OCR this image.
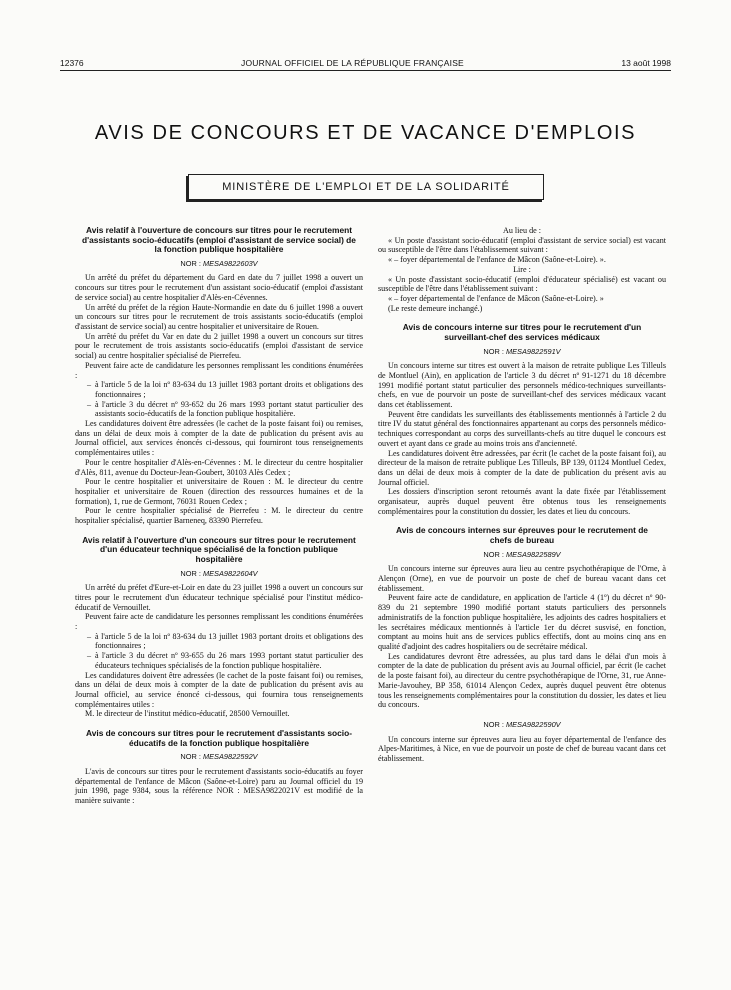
12376	JOURNAL OFFICIEL DE LA RÉPUBLIQUE FRANÇAISE	13 août 1998
AVIS DE CONCOURS ET DE VACANCE D'EMPLOIS
MINISTÈRE DE L'EMPLOI ET DE LA SOLIDARITÉ
Avis relatif à l'ouverture de concours sur titres pour le recrutement d'assistants socio-éducatifs (emploi d'assistant de service social) de la fonction publique hospitalière
NOR : MESA9822603V

Un arrêté du préfet du département du Gard en date du 7 juillet 1998 a ouvert un concours sur titres pour le recrutement d'un assistant socio-éducatif (emploi d'assistant de service social) au centre hospitalier d'Alès-en-Cévennes.

Un arrêté du préfet de la région Haute-Normandie en date du 6 juillet 1998 a ouvert un concours sur titres pour le recrutement de trois assistants socio-éducatifs (emploi d'assistant de service social) au centre hospitalier et universitaire de Rouen.

Un arrêté du préfet du Var en date du 2 juillet 1998 a ouvert un concours sur titres pour le recrutement de trois assistants socio-éducatifs (emploi d'assistant de service social) au centre hospitalier spécialisé de Pierrefeu.

Peuvent faire acte de candidature les personnes remplissant les conditions énumérées :

– à l'article 5 de la loi nº 83-634 du 13 juillet 1983 portant droits et obligations des fonctionnaires ;
– à l'article 3 du décret nº 93-652 du 26 mars 1993 portant statut particulier des assistants socio-éducatifs de la fonction publique hospitalière.

Les candidatures doivent être adressées (le cachet de la poste faisant foi) ou remises, dans un délai de deux mois à compter de la date de publication du présent avis au Journal officiel, aux services énoncés ci-dessous, qui fourniront tous renseignements complémentaires utiles :

Pour le centre hospitalier d'Alès-en-Cévennes : M. le directeur du centre hospitalier d'Alès, 811, avenue du Docteur-Jean-Goubert, 30103 Alès Cedex ;

Pour le centre hospitalier et universitaire de Rouen : M. le directeur du centre hospitalier et universitaire de Rouen (direction des ressources humaines et de la formation), 1, rue de Germont, 76031 Rouen Cedex ;

Pour le centre hospitalier spécialisé de Pierrefeu : M. le directeur du centre hospitalier spécialisé, quartier Barnenеq, 83390 Pierrefeu.

Avis relatif à l'ouverture d'un concours sur titres pour le recrutement d'un éducateur technique spécialisé de la fonction publique hospitalière
NOR : MESA9822604V

Un arrêté du préfet d'Eure-et-Loir en date du 23 juillet 1998 a ouvert un concours sur titres pour le recrutement d'un éducateur technique spécialisé pour l'institut médico-éducatif de Vernouillet.

Peuvent faire acte de candidature les personnes remplissant les conditions énumérées :

– à l'article 5 de la loi nº 83-634 du 13 juillet 1983 portant droits et obligations des fonctionnaires ;
– à l'article 3 du décret nº 93-655 du 26 mars 1993 portant statut particulier des éducateurs techniques spécialisés de la fonction publique hospitalière.

Les candidatures doivent être adressées (le cachet de la poste faisant foi) ou remises, dans un délai de deux mois à compter de la date de publication du présent avis au Journal officiel, au service énoncé ci-dessous, qui fournira tous renseignements complémentaires utiles :

M. le directeur de l'institut médico-éducatif, 28500 Vernouillet.

Avis de concours sur titres pour le recrutement d'assistants socio-éducatifs de la fonction publique hospitalière
NOR : MESA9822592V

L'avis de concours sur titres pour le recrutement d'assistants socio-éducatifs au foyer départemental de l'enfance de Mâcon (Saône-et-Loire) paru au Journal officiel du 19 juin 1998, page 9384, sous la référence NOR : MESA9822021V est modifié de la manière suivante :

Au lieu de :

« Un poste d'assistant socio-éducatif (emploi d'assistant de service social) est vacant ou susceptible de l'être dans l'établissement suivant :

« – foyer départemental de l'enfance de Mâcon (Saône-et-Loire). ».

Lire :

« Un poste d'assistant socio-éducatif (emploi d'éducateur spécialisé) est vacant ou susceptible de l'être dans l'établissement suivant :

« – foyer départemental de l'enfance de Mâcon (Saône-et-Loire). »

(Le reste demeure inchangé.)

Avis de concours interne sur titres pour le recrutement d'un surveillant-chef des services médicaux
NOR : MESA9822591V

Un concours interne sur titres est ouvert à la maison de retraite publique Les Tilleuls de Montluel (Ain), en application de l'article 3 du décret nº 91-1271 du 18 décembre 1991 modifié portant statut particulier des personnels médico-techniques surveillants-chefs, en vue de pourvoir un poste de surveillant-chef des services médicaux vacant dans cet établissement.

Peuvent être candidats les surveillants des établissements mentionnés à l'article 2 du titre IV du statut général des fonctionnaires appartenant au corps des personnels médico-techniques correspondant au corps des surveillants-chefs au titre duquel le concours est ouvert et ayant dans ce grade au moins trois ans d'ancienneté.

Les candidatures doivent être adressées, par écrit (le cachet de la poste faisant foi), au directeur de la maison de retraite publique Les Tilleuls, BP 139, 01124 Montluel Cedex, dans un délai de deux mois à compter de la date de publication du présent avis au Journal officiel.

Les dossiers d'inscription seront retournés avant la date fixée par l'établissement organisateur, auprès duquel peuvent être obtenus tous les renseignements complémentaires pour la constitution du dossier, les dates et lieu du concours.

Avis de concours internes sur épreuves pour le recrutement de chefs de bureau
NOR : MESA9822589V

Un concours interne sur épreuves aura lieu au centre psychothérapique de l'Orne, à Alençon (Orne), en vue de pourvoir un poste de chef de bureau vacant dans cet établissement.

Peuvent faire acte de candidature, en application de l'article 4 (1º) du décret nº 90-839 du 21 septembre 1990 modifié portant statuts particuliers des personnels administratifs de la fonction publique hospitalière, les adjoints des cadres hospitaliers et les secrétaires médicaux mentionnés à l'article 1er du décret susvisé, en fonction, comptant au moins huit ans de services publics effectifs, dont au moins cinq ans en qualité d'adjoint des cadres hospitaliers ou de secrétaire médical.

Les candidatures devront être adressées, au plus tard dans le délai d'un mois à compter de la date de publication du présent avis au Journal officiel, par écrit (le cachet de la poste faisant foi), au directeur du centre psychothérapique de l'Orne, 31, rue Anne-Marie-Javouhey, BP 358, 61014 Alençon Cedex, auprès duquel peuvent être obtenus tous les renseignements complémentaires pour la constitution du dossier, les dates et lieu du concours.

NOR : MESA9822590V

Un concours interne sur épreuves aura lieu au foyer départemental de l'enfance des Alpes-Maritimes, à Nice, en vue de pourvoir un poste de chef de bureau vacant dans cet établissement.
